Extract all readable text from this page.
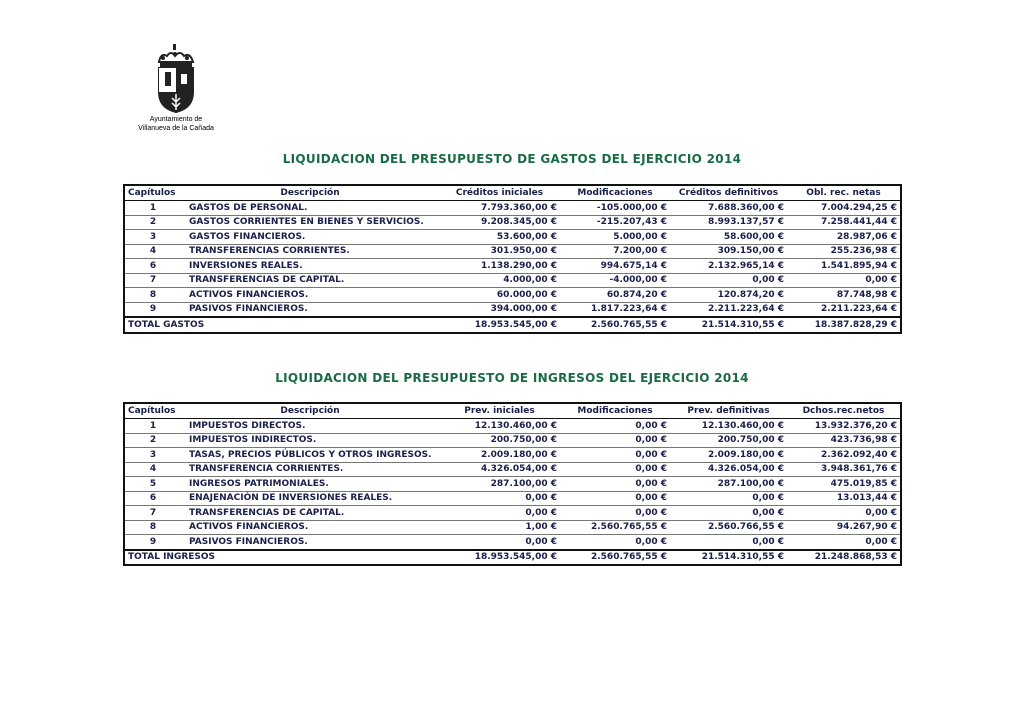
Ayuntamiento de
Villanueva de la Cañada
LIQUIDACION DEL PRESUPUESTO DE GASTOS DEL EJERCICIO 2014
Capítulos	Descripción	Créditos iniciales	Modificaciones	Créditos definitivos	Obl. rec. netas
1	GASTOS DE PERSONAL.	7.793.360,00 €	-105.000,00 €	7.688.360,00 €	7.004.294,25 €
2	GASTOS CORRIENTES EN BIENES Y SERVICIOS.	9.208.345,00 €	-215.207,43 €	8.993.137,57 €	7.258.441,44 €
3	GASTOS FINANCIEROS.	53.600,00 €	5.000,00 €	58.600,00 €	28.987,06 €
4	TRANSFERENCIAS CORRIENTES.	301.950,00 €	7.200,00 €	309.150,00 €	255.236,98 €
6	INVERSIONES REALES.	1.138.290,00 €	994.675,14 €	2.132.965,14 €	1.541.895,94 €
7	TRANSFERENCIAS DE CAPITAL.	4.000,00 €	-4.000,00 €	0,00 €	0,00 €
8	ACTIVOS FINANCIEROS.	60.000,00 €	60.874,20 €	120.874,20 €	87.748,98 €
9	PASIVOS FINANCIEROS.	394.000,00 €	1.817.223,64 €	2.211.223,64 €	2.211.223,64 €
TOTAL GASTOS		18.953.545,00 €	2.560.765,55 €	21.514.310,55 €	18.387.828,29 €
LIQUIDACION DEL PRESUPUESTO DE INGRESOS DEL EJERCICIO 2014
Capítulos	Descripción	Prev. iniciales	Modificaciones	Prev. definitivas	Dchos.rec.netos
1	IMPUESTOS DIRECTOS.	12.130.460,00 €	0,00 €	12.130.460,00 €	13.932.376,20 €
2	IMPUESTOS INDIRECTOS.	200.750,00 €	0,00 €	200.750,00 €	423.736,98 €
3	TASAS, PRECIOS PÚBLICOS Y OTROS INGRESOS.	2.009.180,00 €	0,00 €	2.009.180,00 €	2.362.092,40 €
4	TRANSFERENCIA CORRIENTES.	4.326.054,00 €	0,00 €	4.326.054,00 €	3.948.361,76 €
5	INGRESOS PATRIMONIALES.	287.100,00 €	0,00 €	287.100,00 €	475.019,85 €
6	ENAJENACIÓN DE INVERSIONES REALES.	0,00 €	0,00 €	0,00 €	13.013,44 €
7	TRANSFERENCIAS DE CAPITAL.	0,00 €	0,00 €	0,00 €	0,00 €
8	ACTIVOS FINANCIEROS.	1,00 €	2.560.765,55 €	2.560.766,55 €	94.267,90 €
9	PASIVOS FINANCIEROS.	0,00 €	0,00 €	0,00 €	0,00 €
TOTAL INGRESOS		18.953.545,00 €	2.560.765,55 €	21.514.310,55 €	21.248.868,53 €
